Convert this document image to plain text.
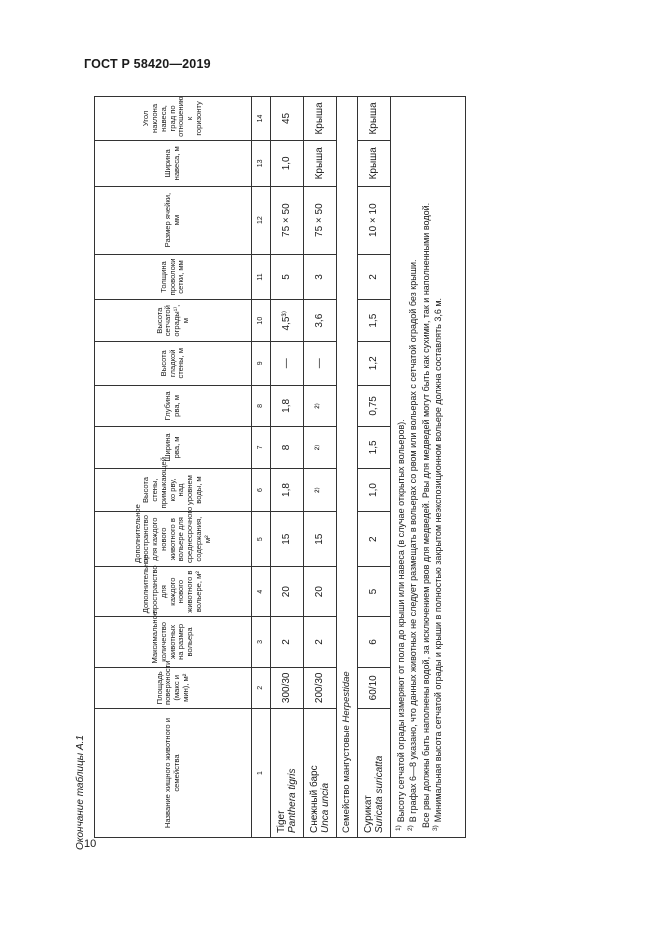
ГОСТ Р 58420—2019
Окончание таблицы А.1	Название хищного животного и семейства	Площадь поверхности (макс и мин), м²	Максимальное количество животных на размер вольера	Дополнительное пространство для каждого нового животного в вольере, м²	Дополнительное пространство для каждого нового животного в вольере для среднесрочного содержания, м²	Высота стены, примыкающей ко рву, над уровнем воды, м	Ширина рва, м	Глубина рва, м	Высота гладкой стены, м	Высота сетчатой ограды¹⁾, м	Толщина проволоки сетки, мм	Размер ячейки, мм	Ширина навеса, м	Угол наклона навеса, град по отношению к горизонту
1	2	3	4	5	6	7	8	9	10	11	12	13	14

Tiger Panthera tigris	300/30	2	20	15	1,8	8	1,8	—	4,5³⁾	5	75 × 50	1,0	45

Снежный барс Unca uncia	200/30	2	20	15	²⁾	²⁾	²⁾	—	3,6	3	75 × 50	Крыша	Крыша
Семейство мангустовые Herpestidae													

Сурикат Suricata suricatta	60/10	6	5	2	1,0	1,5	0,75	1,2	1,5	2	10 × 10	Крыша	Крыша

$^{1)}$Высоту сетчатой ограды измеряют от пола до крыши или навеса (в случае открытых вольеров).
$^{2)}$В графах 6—8 указано, что данных животных не следует размещать в вольерах со рвом или вольерах с сетчатой оградой без крыши. Все рвы должны быть наполнены водой, за исключением рвов для медведей. Рвы для медведей могут быть как сухими, так и наполненными водой.
$^{3)}$Минимальная высота сетчатой ограды и крыши в полностью закрытом неэкспозиционном вольере должна составлять 3,6 м.													
10
